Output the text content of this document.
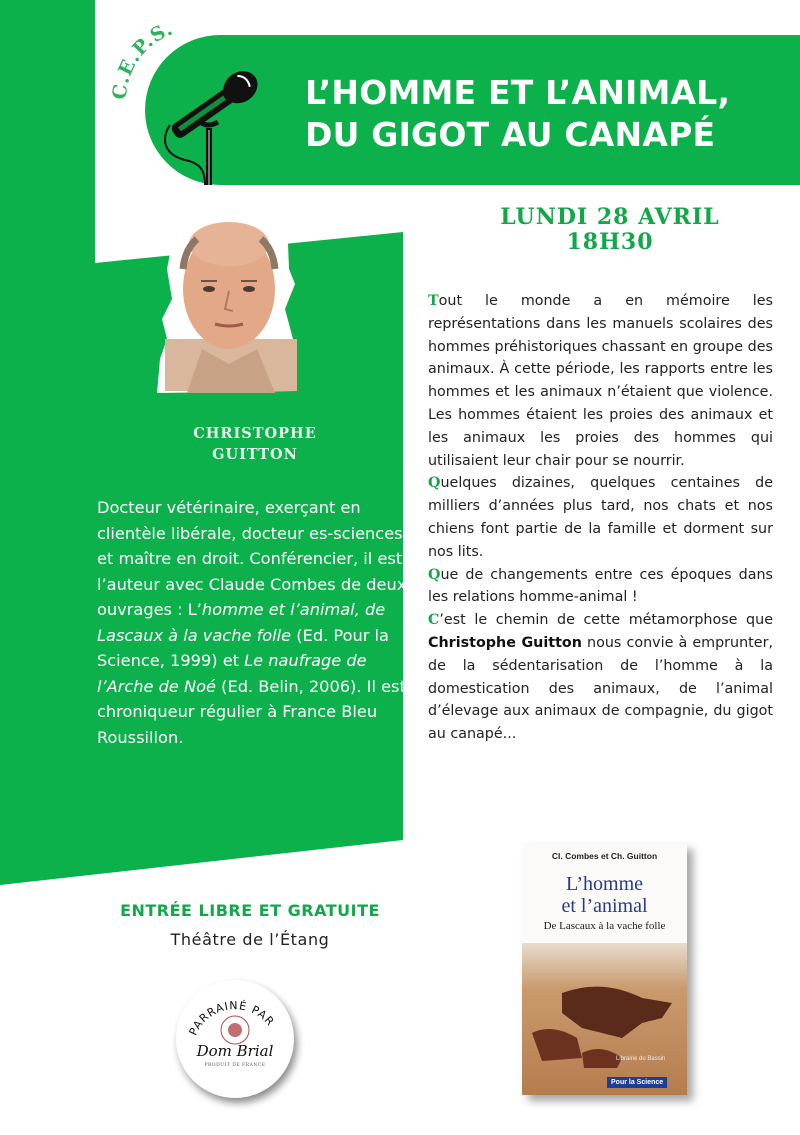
C.E.P.S.
L’HOMME ET L’ANIMAL,
DU GIGOT AU CANAPÉ
LUNDI 28 AVRIL
18H30
CHRISTOPHE
GUITTON
Docteur vétérinaire, exerçant en clientèle libérale, docteur es-sciences et maître en droit. Conférencier, il est l’auteur avec Claude Combes de deux ouvrages : L’homme et l’animal, de Lascaux à la vache folle (Ed. Pour la Science, 1999) et Le naufrage de l’Arche de Noé (Ed. Belin, 2006). Il est chroniqueur régulier à France Bleu Roussillon.

Tout le monde a en mémoire les représentations dans les manuels scolaires des hommes préhistoriques chassant en groupe des animaux. À cette période, les rapports entre les hommes et les animaux n’étaient que violence. Les hommes étaient les proies des animaux et les animaux les proies des hommes qui utilisaient leur chair pour se nourrir.

Quelques dizaines, quelques centaines de milliers d’années plus tard, nos chats et nos chiens font partie de la famille et dorment sur nos lits.

Que de changements entre ces époques dans les relations homme-animal !

C’est le chemin de cette métamorphose que Christophe Guitton nous convie à emprunter, de la sédentarisation de l’homme à la domestication des animaux, de l’animal d’élevage aux animaux de compagnie, du gigot au canapé...

ENTRÉE LIBRE ET GRATUITE
Théâtre de l’Étang
PARRAINÉ PAR
Dom Brial
PRODUIT DE FRANCE
Cl. Combes et Ch. Guitton
L’homme
et l’animal
De Lascaux à la vache folle
Librairie du Bassin
Pour la Science
